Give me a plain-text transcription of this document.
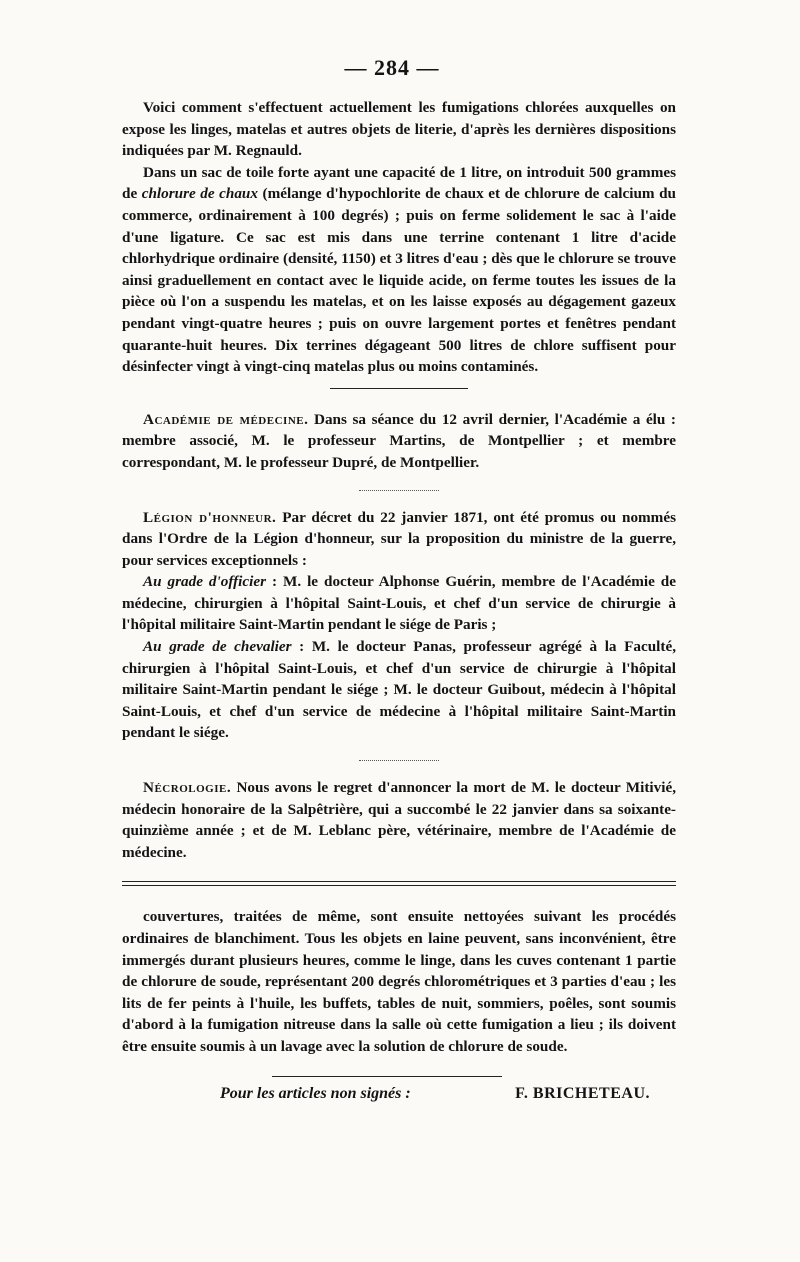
— 284 —

Voici comment s'effectuent actuellement les fumigations chlorées auxquelles on expose les linges, matelas et autres objets de literie, d'après les dernières dispositions indiquées par M. Regnauld.

Dans un sac de toile forte ayant une capacité de 1 litre, on introduit 500 grammes de chlorure de chaux (mélange d'hypochlorite de chaux et de chlorure de calcium du commerce, ordinairement à 100 degrés) ; puis on ferme solidement le sac à l'aide d'une ligature. Ce sac est mis dans une terrine contenant 1 litre d'acide chlorhydrique ordinaire (densité, 1150) et 3 litres d'eau ; dès que le chlorure se trouve ainsi graduellement en contact avec le liquide acide, on ferme toutes les issues de la pièce où l'on a suspendu les matelas, et on les laisse exposés au dégagement gazeux pendant vingt-quatre heures ; puis on ouvre largement portes et fenêtres pendant quarante-huit heures. Dix terrines dégageant 500 litres de chlore suffisent pour désinfecter vingt à vingt-cinq matelas plus ou moins contaminés.

Académie de médecine. Dans sa séance du 12 avril dernier, l'Académie a élu : membre associé, M. le professeur Martins, de Montpellier ; et membre correspondant, M. le professeur Dupré, de Montpellier.

Légion d'honneur. Par décret du 22 janvier 1871, ont été promus ou nommés dans l'Ordre de la Légion d'honneur, sur la proposition du ministre de la guerre, pour services exceptionnels :

Au grade d'officier : M. le docteur Alphonse Guérin, membre de l'Académie de médecine, chirurgien à l'hôpital Saint-Louis, et chef d'un service de chirurgie à l'hôpital militaire Saint-Martin pendant le siége de Paris ;

Au grade de chevalier : M. le docteur Panas, professeur agrégé à la Faculté, chirurgien à l'hôpital Saint-Louis, et chef d'un service de chirurgie à l'hôpital militaire Saint-Martin pendant le siége ; M. le docteur Guibout, médecin à l'hôpital Saint-Louis, et chef d'un service de médecine à l'hôpital militaire Saint-Martin pendant le siége.

Nécrologie. Nous avons le regret d'annoncer la mort de M. le docteur Mitivié, médecin honoraire de la Salpêtrière, qui a succombé le 22 janvier dans sa soixante-quinzième année ; et de M. Leblanc père, vétérinaire, membre de l'Académie de médecine.

couvertures, traitées de même, sont ensuite nettoyées suivant les procédés ordinaires de blanchiment. Tous les objets en laine peuvent, sans inconvénient, être immergés durant plusieurs heures, comme le linge, dans les cuves contenant 1 partie de chlorure de soude, représentant 200 degrés chlorométriques et 3 parties d'eau ; les lits de fer peints à l'huile, les buffets, tables de nuit, sommiers, poêles, sont soumis d'abord à la fumigation nitreuse dans la salle où cette fumigation a lieu ; ils doivent être ensuite soumis à un lavage avec la solution de chlorure de soude.

Pour les articles non signés :	F. BRICHETEAU.
